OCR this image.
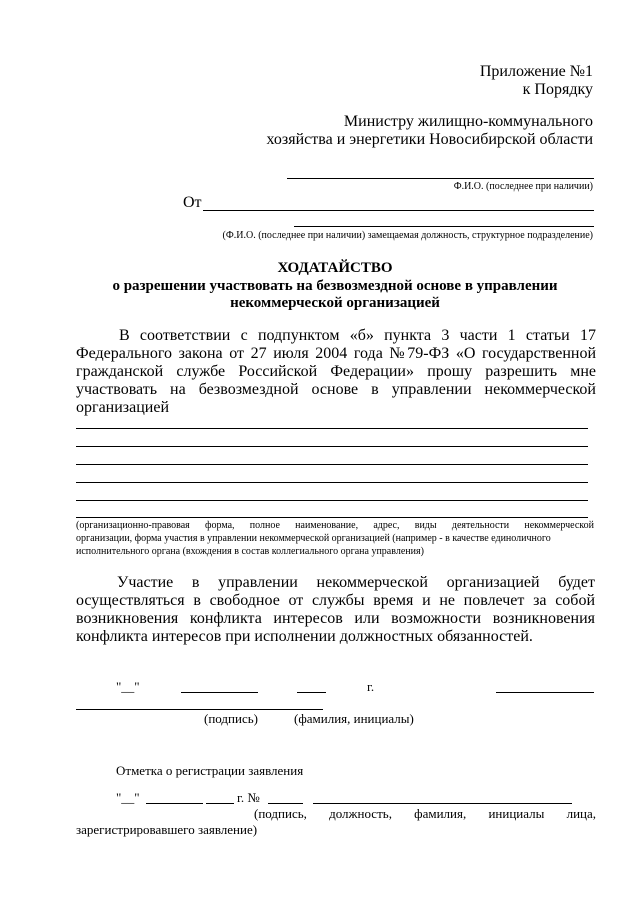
Приложение №1
к Порядку
Министру жилищно-коммунального
хозяйства и энергетики Новосибирской области
Ф.И.О. (последнее при наличии)
От
(Ф.И.О. (последнее при наличии) замещаемая должность, структурное подразделение)
ХОДАТАЙСТВО
о разрешении участвовать на безвозмездной основе в управлении
некоммерческой организацией
В соответствии с подпунктом «б» пункта 3 части 1 статьи 17
Федерального закона от 27 июля 2004 года №79-ФЗ «О государственной
гражданской службе Российской Федерации» прошу разрешить мне
участвовать на безвозмездной основе в управлении некоммерческой
организацией
(организационно-правовая форма, полное наименование, адрес, виды деятельности некоммерческой
организации, форма участия в управлении некоммерческой организацией (например - в качестве единоличного
исполнительного органа (вхождения в состав коллегиального органа управления)
Участие в управлении некоммерческой организацией будет
осуществляться в свободное от службы время и не повлечет за собой
возникновения конфликта интересов или возможности возникновения
конфликта интересов при исполнении должностных обязанностей.
"__"	г.
(подпись)	(фамилия, инициалы)
Отметка о регистрации заявления
"__"	г. №
(подпись, должность, фамилия, инициалы лица,
зарегистрировавшего заявление)
